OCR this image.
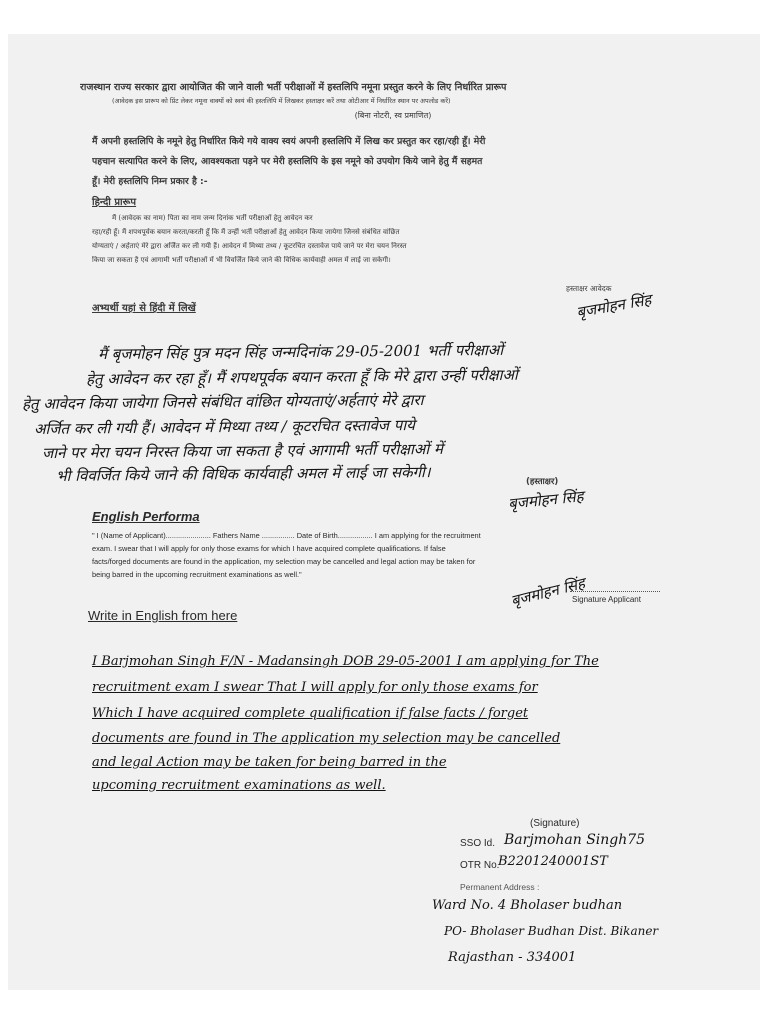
राजस्थान राज्य सरकार द्वारा आयोजित की जाने वाली भर्ती परीक्षाओं में हस्तलिपि नमूना प्रस्तुत करने के लिए निर्धारित प्रारूप
(आवेदक इस प्रारूप को प्रिंट लेकर नमूना वाक्यों को स्वयं की हस्तलिपि में लिखकर हस्ताक्षर करें तथा ओटीआर में निर्धारित स्थान पर अपलोड करें)
(बिना नोटरी, स्व प्रमाणित)
मैं अपनी हस्तलिपि के नमूने हेतु निर्धारित किये गये वाक्य स्वयं अपनी हस्तलिपि में लिख कर प्रस्तुत कर रहा/रही हूँ। मेरी
पहचान सत्यापित करने के लिए, आवश्यकता पड़ने पर मेरी हस्तलिपि के इस नमूने को उपयोग किये जाने हेतु मैं सहमत
हूँ। मेरी हस्तलिपि निम्न प्रकार है :-
हिन्दी प्रारूप
मैं (आवेदक का नाम) पिता का नाम जन्म दिनांक भर्ती परीक्षाओं हेतु आवेदन कर
रहा/रही हूँ। मैं शपथपूर्वक बयान करता/करती हूँ कि मैं उन्हीं भर्ती परीक्षाओं हेतु आवेदन किया जायेगा जिनसे संबंधित वांछित
योग्यताएं / अर्हताएं मेरे द्वारा अर्जित कर ली गयी हैं। आवेदन में मिथ्या तथ्य / कूटरचित दस्तावेज पाये जाने पर मेरा चयन निरस्त
किया जा सकता है एवं आगामी भर्ती परीक्षाओं में भी विवर्जित किये जाने की विधिक कार्यवाही अमल में लाई जा सकेगी।
हस्ताक्षर आवेदक
बृजमोहन सिंह
अभ्यर्थी यहां से हिंदी में लिखें
मैं बृजमोहन सिंह पुत्र मदन सिंह जन्मदिनांक 29-05-2001 भर्ती परीक्षाओं
हेतु आवेदन कर रहा हूँ। मैं शपथपूर्वक बयान करता हूँ कि मेरे द्वारा उन्हीं परीक्षाओं
हेतु आवेदन किया जायेगा जिनसे संबंधित वांछित योग्यताएं/अर्हताएं मेरे द्वारा
अर्जित कर ली गयी हैं। आवेदन में मिथ्या तथ्य / कूटरचित दस्तावेज पाये
जाने पर मेरा चयन निरस्त किया जा सकता है एवं आगामी भर्ती परीक्षाओं में
भी विवर्जित किये जाने की विधिक कार्यवाही अमल में लाई जा सकेगी।	(हस्ताक्षर)
बृजमोहन सिंह
English Performa
" I (Name of Applicant)...................... Fathers Name ................ Date of Birth................. I am applying for the recruitment
exam. I swear that I will apply for only those exams for which I have acquired complete qualifications. If false
facts/forged documents are found in the application, my selection may be cancelled and legal action may be taken for
being barred in the upcoming recruitment examinations as well."	बृजमोहन सिंह
Signature Applicant
Write in English from here
I Barjmohan Singh F/N - Madansingh DOB 29-05-2001 I am applying for The
recruitment exam I swear That I will apply for only those exams for
Which I have acquired complete qualification if false facts / forget
documents are found in The application my selection may be cancelled
and legal Action may be taken for being barred in the
upcoming recruitment examinations as well.
(Signature)
SSO Id. Barjmohan Singh75
OTR No.
B2201240001ST
Permanent Address :
Ward No. 4 Bholaser budhan
PO- Bholaser Budhan Dist. Bikaner
Rajasthan - 334001
